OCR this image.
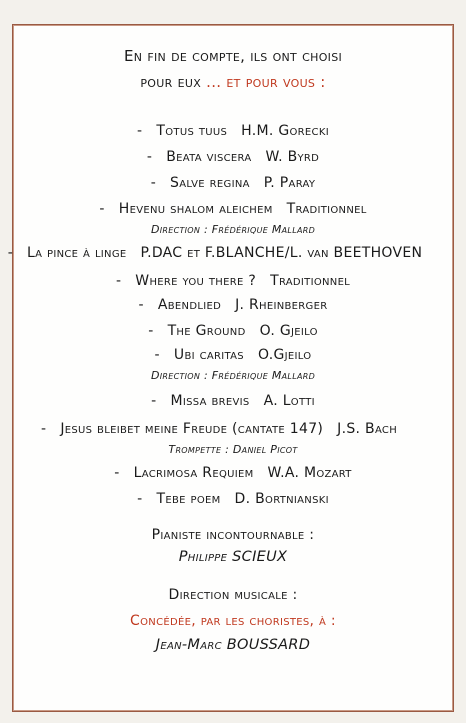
En fin de compte, ils ont choisi
pour eux ... et pour vous :
- Totus tuus H.M. Gorecki
- Beata viscera W. Byrd
- Salve regina P. Paray
- Hevenu shalom aleichem Traditionnel
Direction : Frédérique Mallard
- La pince à linge P.DAC et F.BLANCHE/L. van BEETHOVEN
- Where you there ? Traditionnel
- Abendlied J. Rheinberger
- The Ground O. Gjeilo
- Ubi caritas O.Gjeilo
Direction : Frédérique Mallard
- Missa brevis A. Lotti
- Jesus bleibet meine Freude (cantate 147) J.S. Bach
Trompette : Daniel Picot
- Lacrimosa Requiem W.A. Mozart
- Tebe poem D. Bortnianski
Pianiste incontournable :
Philippe SCIEUX
Direction musicale :
Concédée, par les choristes, à :
Jean-Marc BOUSSARD
